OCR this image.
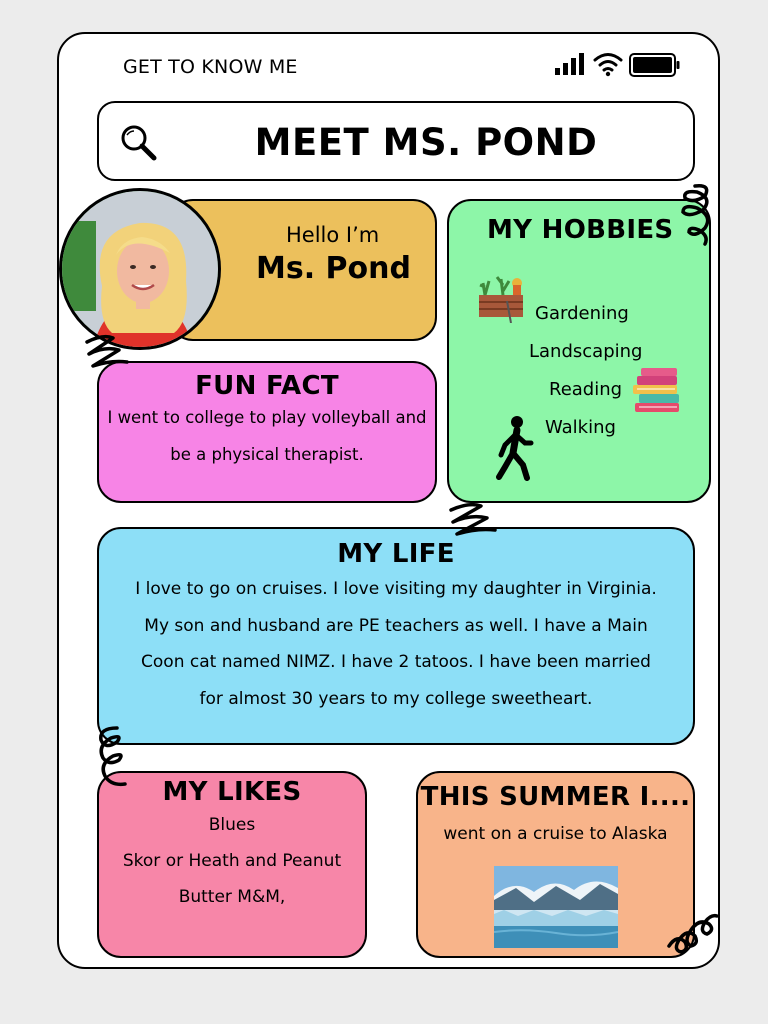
GET TO KNOW ME
MEET MS. POND
Hello I’m
Ms. Pond
FUN FACT
I went to college to play volleyball and
be a physical therapist.
MY HOBBIES
Gardening
Landscaping
Reading
Walking
MY LIFE
I love to go on cruises. I love visiting my daughter in Virginia.
My son and husband are PE teachers as well. I have a Main
Coon cat named NIMZ. I have 2 tatoos. I have been married
for almost 30 years to my college sweetheart.
MY LIKES
Blues
Skor or Heath and Peanut
Butter M&M,
THIS SUMMER I....
went on a cruise to Alaska
